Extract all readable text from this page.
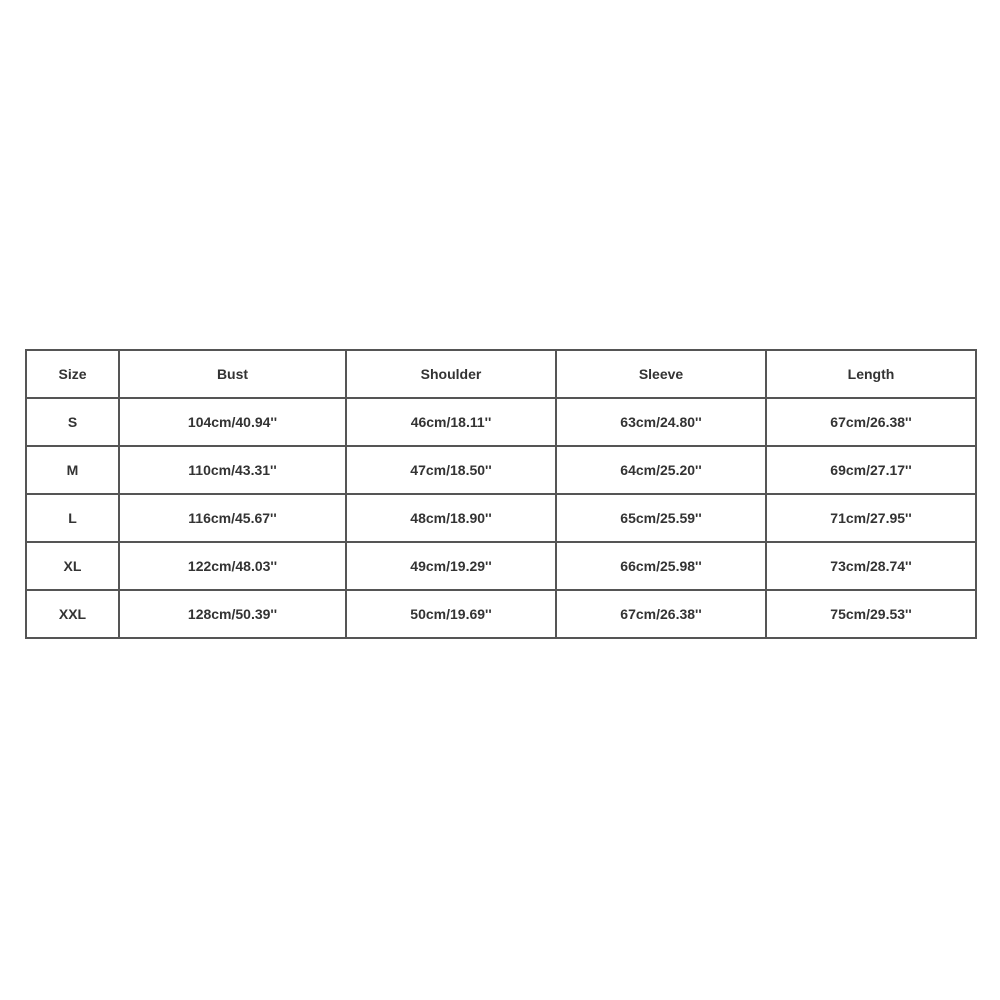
Size	Bust	Shoulder	Sleeve	Length
S	104cm/40.94''	46cm/18.11''	63cm/24.80''	67cm/26.38''
M	110cm/43.31''	47cm/18.50''	64cm/25.20''	69cm/27.17''
L	116cm/45.67''	48cm/18.90''	65cm/25.59''	71cm/27.95''
XL	122cm/48.03''	49cm/19.29''	66cm/25.98''	73cm/28.74''
XXL	128cm/50.39''	50cm/19.69''	67cm/26.38''	75cm/29.53''
